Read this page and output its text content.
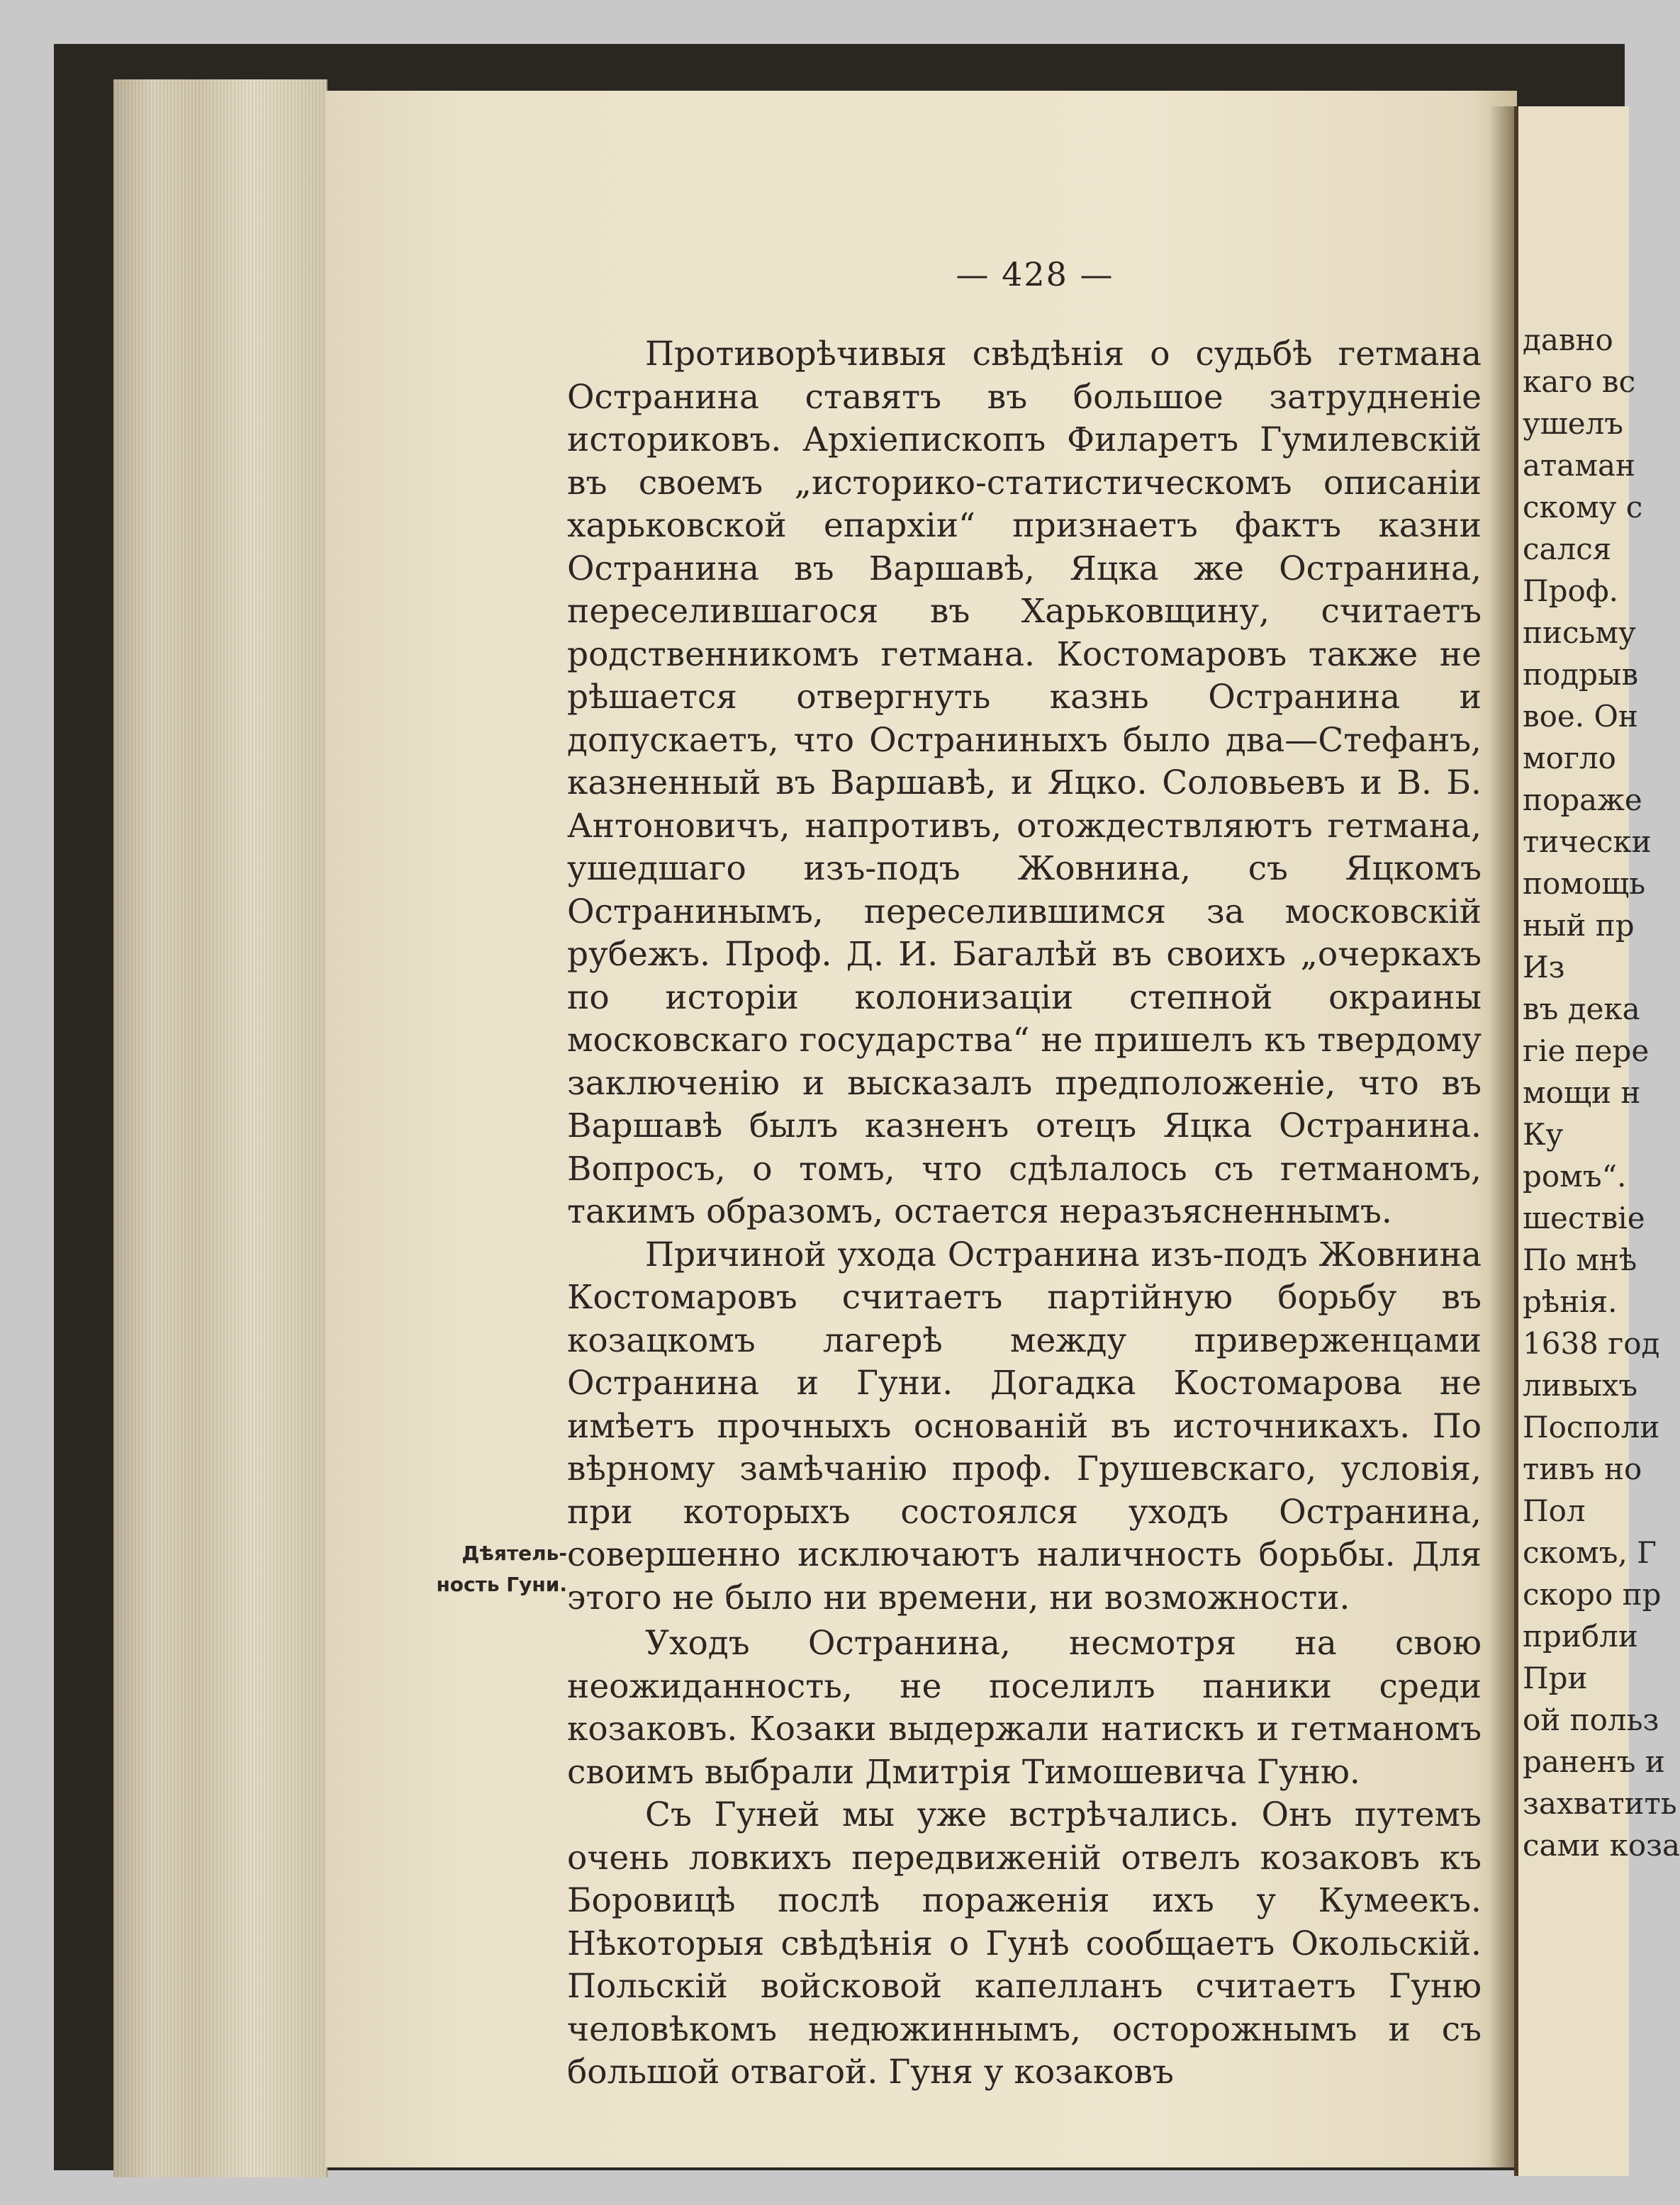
— 428 —
Дѣятель-
ность Гуни.

Противорѣчивыя свѣдѣнія о судьбѣ гетмана Остранина ставятъ въ большое затрудненіе историковъ. Архіепископъ Филаретъ Гумилевскій въ своемъ „историко-статистическомъ описаніи харьковской епархіи“ признаетъ фактъ казни Остранина въ Варшавѣ, Яцка же Остранина, переселившагося въ Харьковщину, считаетъ родственникомъ гетмана. Костомаровъ также не рѣшается отвергнуть казнь Остранина и допускаетъ, что Остраниныхъ было два—Стефанъ, казненный въ Варшавѣ, и Яцко. Соловьевъ и В. Б. Антоновичъ, напротивъ, отождествляютъ гетмана, ушедшаго изъ-подъ Жовнина, съ Яцкомъ Остранинымъ, переселившимся за московскій рубежъ. Проф. Д. И. Багалѣй въ своихъ „очеркахъ по исторіи колонизаціи степной окраины московскаго государства“ не пришелъ къ твердому заключенію и высказалъ предположеніе, что въ Варшавѣ былъ казненъ отецъ Яцка Остранина. Вопросъ, о томъ, что сдѣлалось съ гетманомъ, такимъ образомъ, остается неразъясненнымъ.

Причиной ухода Остранина изъ-подъ Жовнина Костомаровъ считаетъ партійную борьбу въ козацкомъ лагерѣ между приверженцами Остранина и Гуни. Догадка Костомарова не имѣетъ прочныхъ основаній въ источникахъ. По вѣрному замѣчанію проф. Грушевскаго, условія, при которыхъ состоялся уходъ Остранина, совершенно исключаютъ наличность борьбы. Для этого не было ни времени, ни возможности.

Уходъ Остранина, несмотря на свою неожиданность, не поселилъ паники среди козаковъ. Козаки выдержали натискъ и гетманомъ своимъ выбрали Дмитрія Тимошевича Гуню.

Съ Гуней мы уже встрѣчались. Онъ путемъ очень ловкихъ передвиженій отвелъ козаковъ къ Боровицѣ послѣ пораженія ихъ у Кумеекъ. Нѣкоторыя свѣдѣнія о Гунѣ сообщаетъ Окольскій. Польскій войсковой капелланъ считаетъ Гуню человѣкомъ недюжиннымъ, осторожнымъ и съ большой отвагой. Гуня у козаковъ

давно
каго вс
ушелъ
атаман
скому с
сался
Проф.
письму
подрыв
вое. Он
могло
пораже
тически
помощь
ный пр
Из
въ дека
гіе пере
мощи н
Ку
ромъ“.
шествіе
По мнѣ
рѣнія.
1638 год
ливыхъ
Посполи
тивъ но
Пол
скомъ, Г
скоро пр
прибли
При
ой польз
раненъ и
захватить
сами коза
